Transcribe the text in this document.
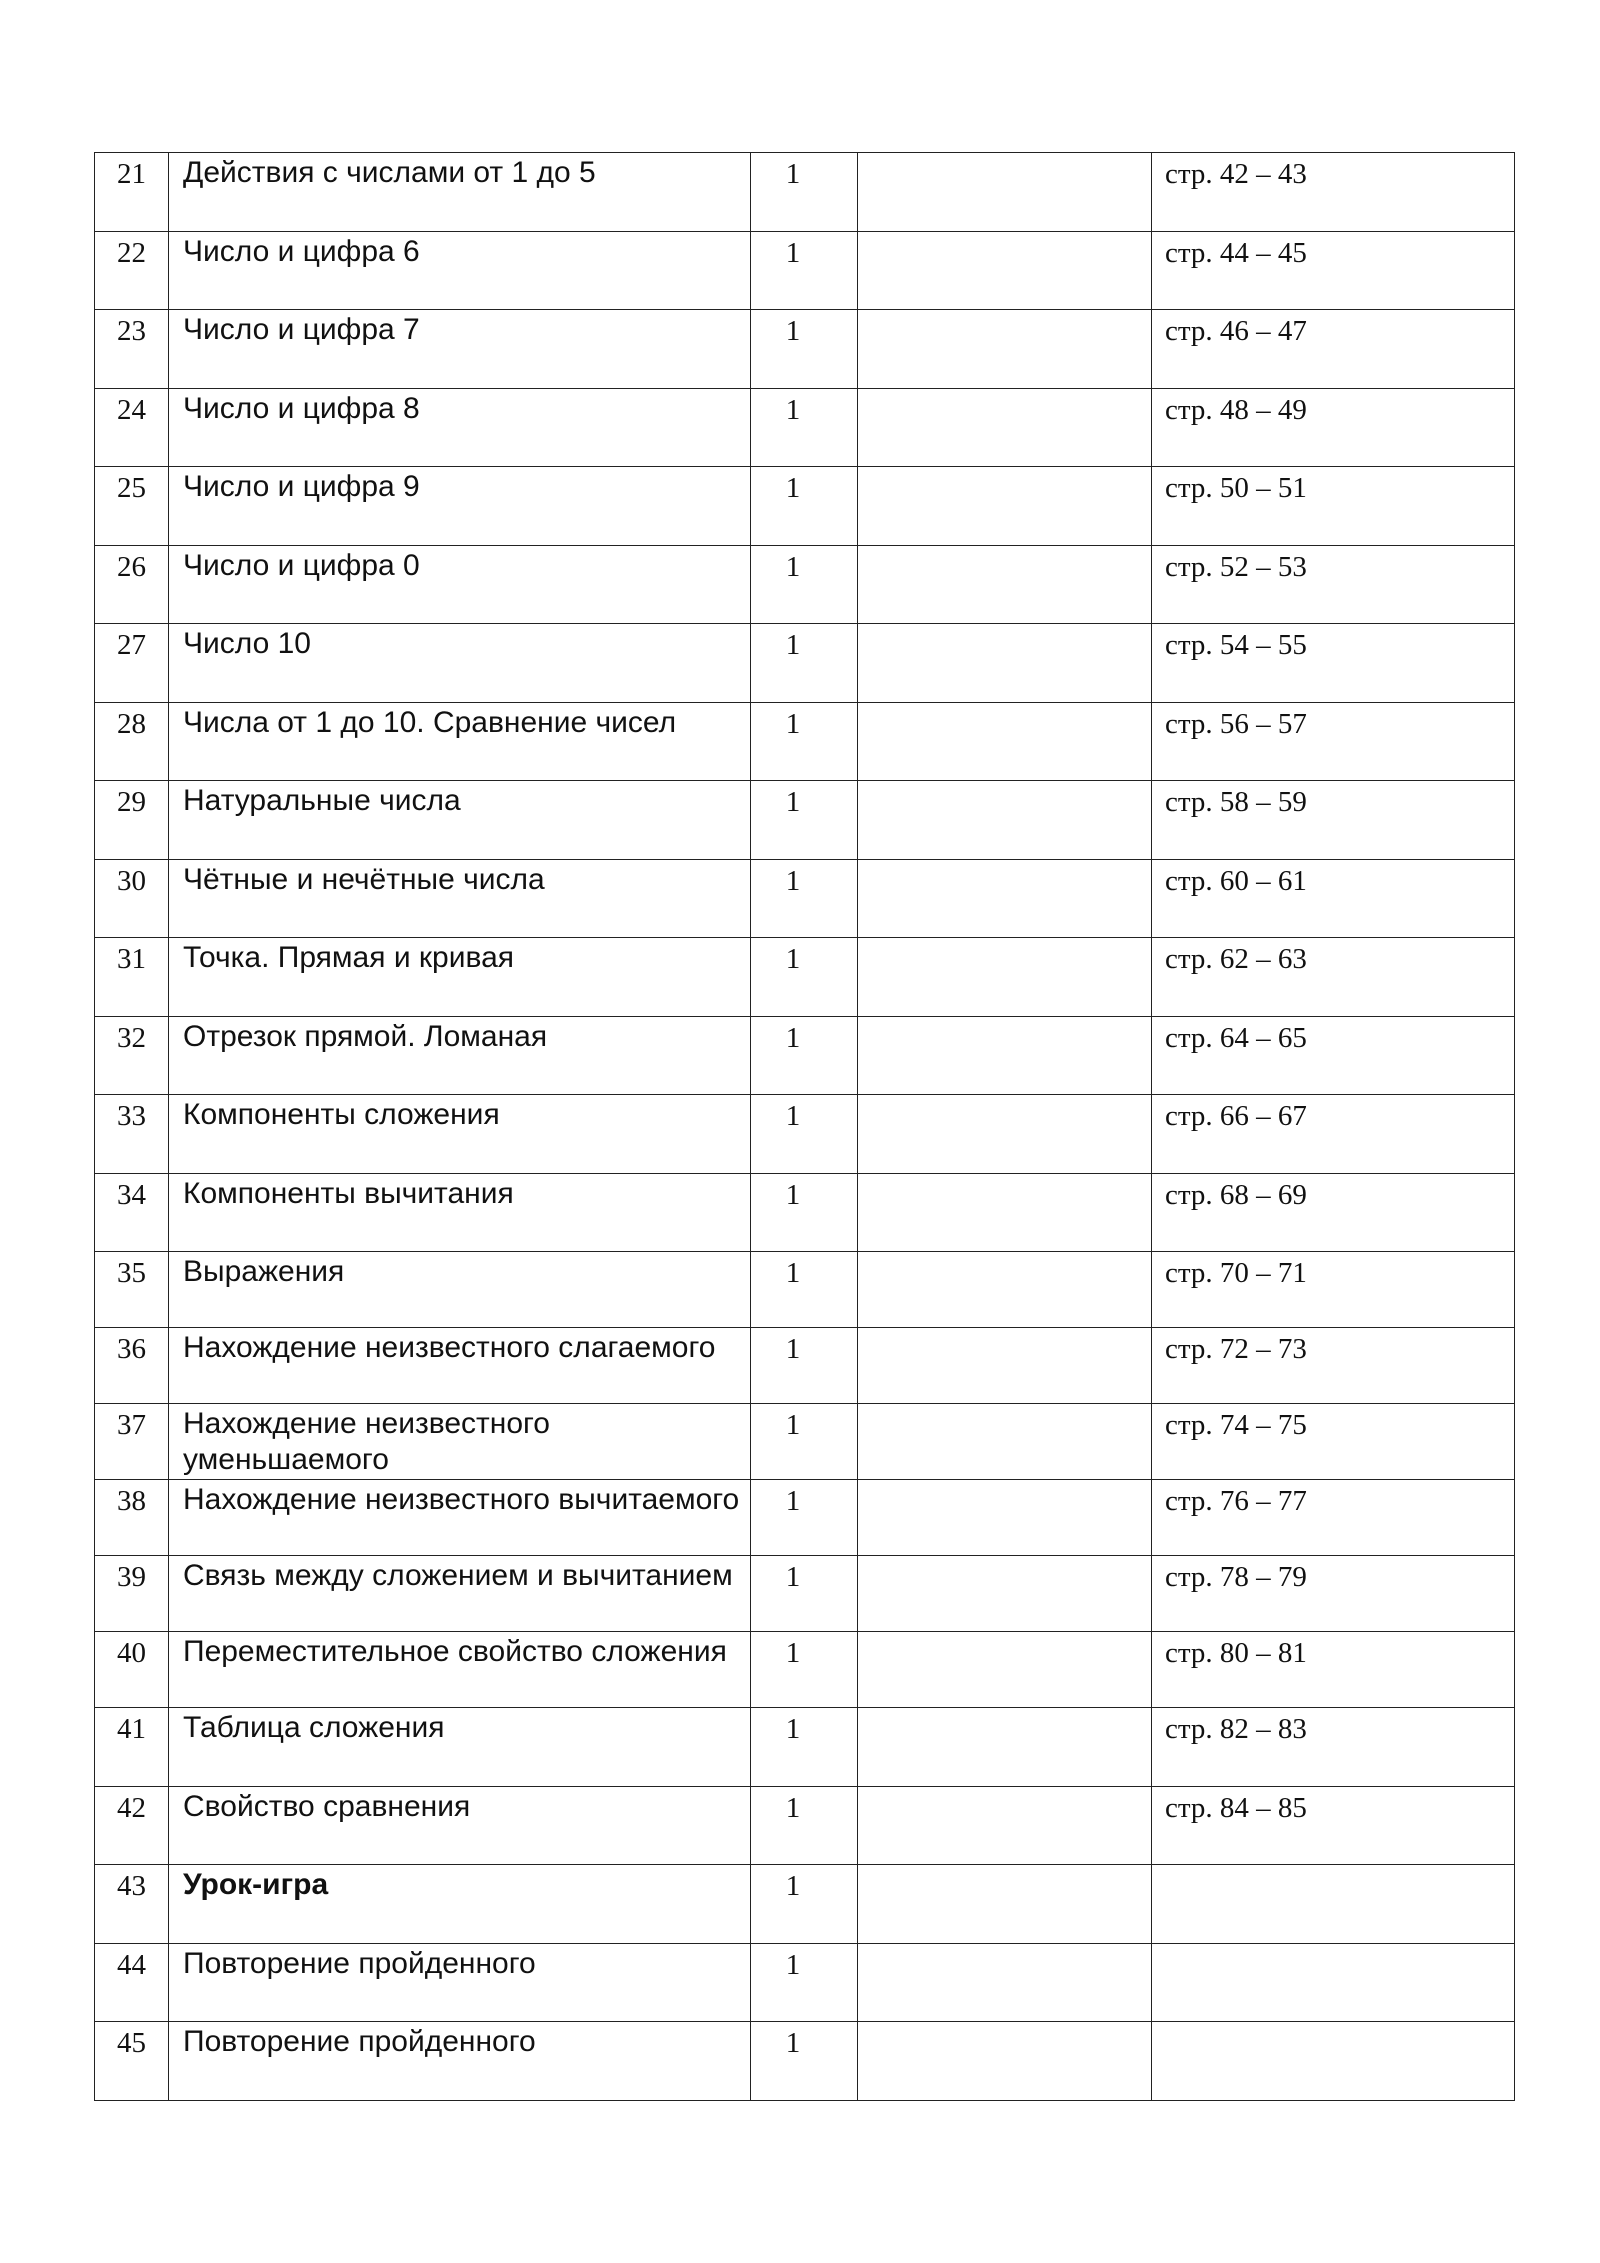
21	Действия с числами от 1 до 5	1		стр. 42 – 43
22	Число и цифра 6	1		стр. 44 – 45
23	Число и цифра 7	1		стр. 46 – 47
24	Число и цифра 8	1		стр. 48 – 49
25	Число и цифра 9	1		стр. 50 – 51
26	Число и цифра 0	1		стр. 52 – 53
27	Число 10	1		стр. 54 – 55
28	Числа от 1 до 10. Сравнение чисел	1		стр. 56 – 57
29	Натуральные числа	1		стр. 58 – 59
30	Чётные и нечётные числа	1		стр. 60 – 61
31	Точка. Прямая и кривая	1		стр. 62 – 63
32	Отрезок прямой. Ломаная	1		стр. 64 – 65
33	Компоненты сложения	1		стр. 66 – 67
34	Компоненты вычитания	1		стр. 68 – 69
35	Выражения	1		стр. 70 – 71
36	Нахождение неизвестного слагаемого	1		стр. 72 – 73
37	Нахождение неизвестного уменьшаемого	1		стр. 74 – 75
38	Нахождение неизвестного вычитаемого	1		стр. 76 – 77
39	Связь между сложением и вычитанием	1		стр. 78 – 79
40	Переместительное свойство сложения	1		стр. 80 – 81
41	Таблица сложения	1		стр. 82 – 83
42	Свойство сравнения	1		стр. 84 – 85
43	Урок-игра	1		
44	Повторение пройденного	1		
45	Повторение пройденного	1		
